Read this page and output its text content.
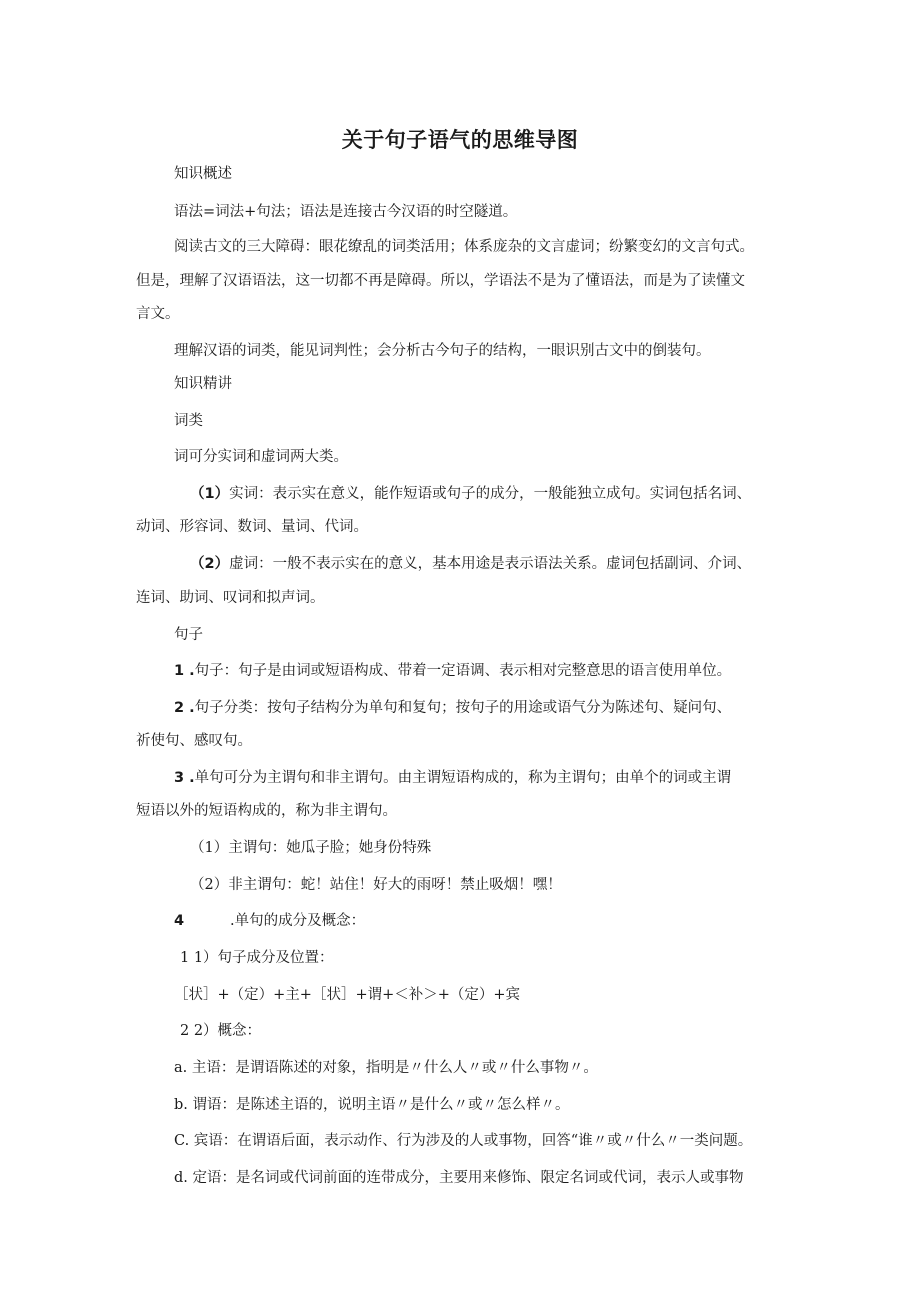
关于句子语气的思维导图
知识概述
语法=词法+句法；语法是连接古今汉语的时空隧道。
阅读古文的三大障碍：眼花缭乱的词类活用；体系庞杂的文言虚词；纷繁变幻的文言句式。
但是，理解了汉语语法，这一切都不再是障碍。所以，学语法不是为了懂语法，而是为了读懂文
言文。
理解汉语的词类，能见词判性；会分析古今句子的结构，一眼识别古文中的倒装句。
知识精讲
词类
词可分实词和虚词两大类。
（1）实词：表示实在意义，能作短语或句子的成分，一般能独立成句。实词包括名词、
动词、形容词、数词、量词、代词。
（2）虚词：一般不表示实在的意义，基本用途是表示语法关系。虚词包括副词、介词、
连词、助词、叹词和拟声词。
句子
1 .句子：句子是由词或短语构成、带着一定语调、表示相对完整意思的语言使用单位。
2 .句子分类：按句子结构分为单句和复句；按句子的用途或语气分为陈述句、疑问句、
祈使句、感叹句。
3 .单句可分为主谓句和非主谓句。由主谓短语构成的，称为主谓句；由单个的词或主谓
短语以外的短语构成的，称为非主谓句。
（1）主谓句：她瓜子脸；她身份特殊
（2）非主谓句：蛇！站住！好大的雨呀！禁止吸烟！嘿！
4	.单句的成分及概念：
1 1）句子成分及位置：
［状］+（定）+主+［状］+谓+＜补＞+（定）+宾
2 2）概念：
a. 主语：是谓语陈述的对象，指明是〃什么人〃或〃什么事物〃。
b. 谓语：是陈述主语的，说明主语〃是什么〃或〃怎么样〃。
C. 宾语：在谓语后面，表示动作、行为涉及的人或事物，回答“谁〃或〃什么〃一类问题。
d. 定语：是名词或代词前面的连带成分，主要用来修饰、限定名词或代词，表示人或事物
